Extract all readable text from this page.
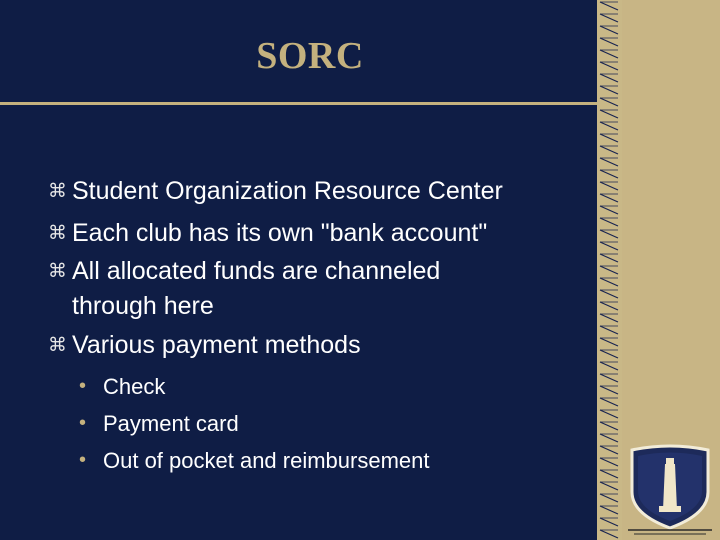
SORC
⌘ Student Organization Resource Center
⌘ Each club has its own "bank account"
⌘ All allocated funds are channeled
through here
⌘ Various payment methods
• Check
• Payment card
• Out of pocket and reimbursement
